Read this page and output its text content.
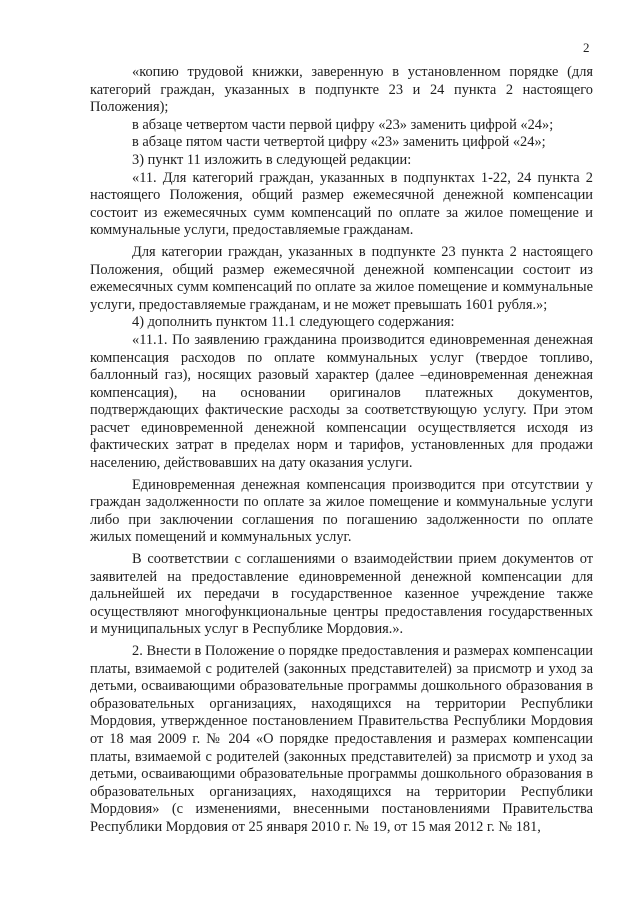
2

«копию трудовой книжки, заверенную в установленном порядке (для категорий граждан, указанных в подпункте 23 и 24 пункта 2 настоящего Положения);

в абзаце четвертом части первой цифру «23» заменить цифрой «24»;

в абзаце пятом части четвертой цифру «23» заменить цифрой «24»;

3) пункт 11 изложить в следующей редакции:

«11. Для категорий граждан, указанных в подпунктах 1-22, 24 пункта 2 настоящего Положения, общий размер ежемесячной денежной компенсации состоит из ежемесячных сумм компенсаций по оплате за жилое помещение и коммунальные услуги, предоставляемые гражданам.

Для категории граждан, указанных в подпункте 23 пункта 2 настоящего Положения, общий размер ежемесячной денежной компенсации состоит из ежемесячных сумм компенсаций по оплате за жилое помещение и коммунальные услуги, предоставляемые гражданам, и не может превышать 1601 рубля.»;

4) дополнить пунктом 11.1 следующего содержания:

«11.1. По заявлению гражданина производится единовременная денежная компенсация расходов по оплате коммунальных услуг (твердое топливо, баллонный газ), носящих разовый характер (далее –единовременная денежная компенсация), на основании оригиналов платежных документов, подтверждающих фактические расходы за соответствующую услугу. При этом расчет единовременной денежной компенсации осуществляется исходя из фактических затрат в пределах норм и тарифов, установленных для продажи населению, действовавших на дату оказания услуги.

Единовременная денежная компенсация производится при отсутствии у граждан задолженности по оплате за жилое помещение и коммунальные услуги либо при заключении соглашения по погашению задолженности по оплате жилых помещений и коммунальных услуг.

В соответствии с соглашениями о взаимодействии прием документов от заявителей на предоставление единовременной денежной компенсации для дальнейшей их передачи в государственное казенное учреждение также осуществляют многофункциональные центры предоставления государственных и муниципальных услуг в Республике Мордовия.».

2. Внести в Положение о порядке предоставления и размерах компенсации платы, взимаемой с родителей (законных представителей) за присмотр и уход за детьми, осваивающими образовательные программы дошкольного образования в образовательных организациях, находящихся на территории Республики Мордовия, утвержденное постановлением Правительства Республики Мордовия от 18 мая 2009 г. № 204 «О порядке предоставления и размерах компенсации платы, взимаемой с родителей (законных представителей) за присмотр и уход за детьми, осваивающими образовательные программы дошкольного образования в образовательных организациях, находящихся на территории Республики Мордовия» (с изменениями, внесенными постановлениями Правительства Республики Мордовия от 25 января 2010 г. № 19, от 15 мая 2012 г. № 181,
